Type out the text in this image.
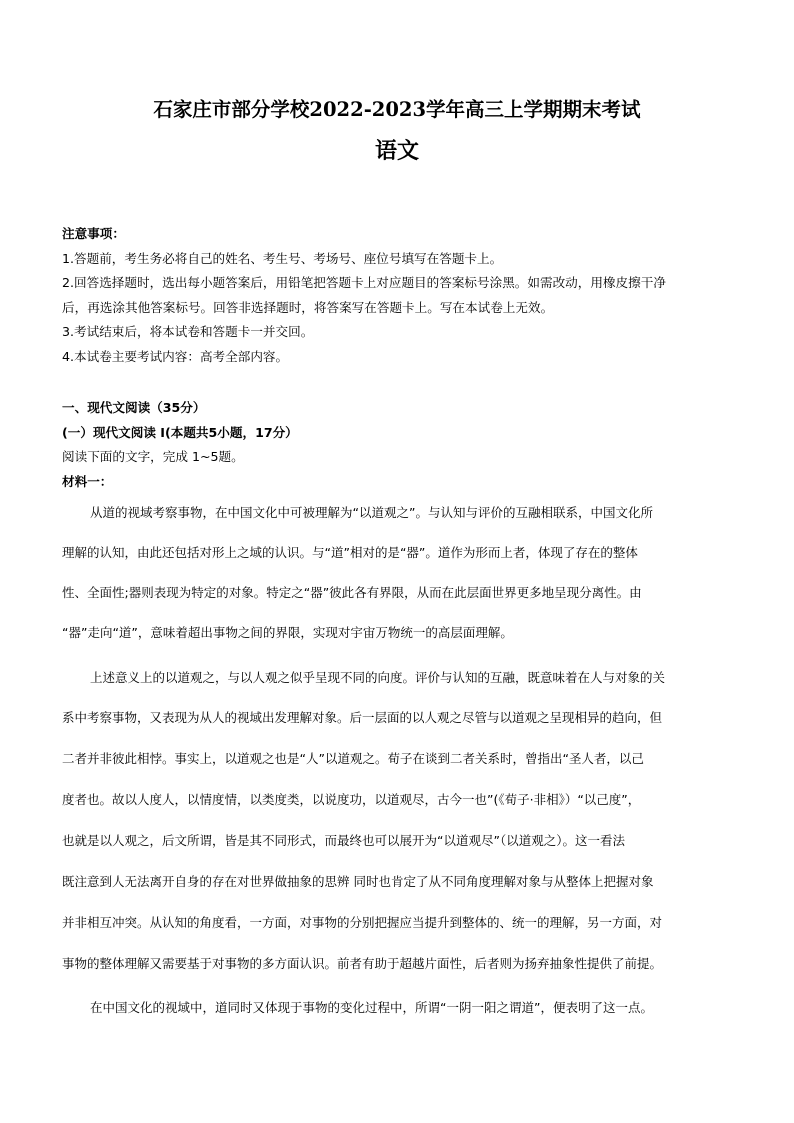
石家庄市部分学校2022-2023学年高三上学期期末考试
语文
注意事项：
1.答题前，考生务必将自己的姓名、考生号、考场号、座位号填写在答题卡上。
2.回答选择题时，选出每小题答案后，用铅笔把答题卡上对应题目的答案标号涂黑。如需改动，用橡皮擦干净
后，再选涂其他答案标号。回答非选择题时，将答案写在答题卡上。写在本试卷上无效。
3.考试结束后，将本试卷和答题卡一并交回。
4.本试卷主要考试内容：高考全部内容。
一、现代文阅读（35分）
(一）现代文阅读 I(本题共5小题，17分）
阅读下面的文字，完成 1~5题。
材料一：
从道的视域考察事物，在中国文化中可被理解为“以道观之”。与认知与评价的互融相联系，中国文化所
理解的认知，由此还包括对形上之域的认识。与“道”相对的是“器”。道作为形而上者，体现了存在的整体
性、全面性;器则表现为特定的对象。特定之“器”彼此各有界限，从而在此层面世界更多地呈现分离性。由
“器”走向“道”，意味着超出事物之间的界限，实现对宇宙万物统一的高层面理解。
上述意义上的以道观之，与以人观之似乎呈现不同的向度。评价与认知的互融，既意味着在人与对象的关
系中考察事物，又表现为从人的视域出发理解对象。后一层面的以人观之尽管与以道观之呈现相异的趋向，但
二者并非彼此相悖。事实上，以道观之也是“人”以道观之。荀子在谈到二者关系时，曾指出“圣人者，以己
度者也。故以人度人，以情度情，以类度类，以说度功，以道观尽，古今一也”(《荀子·非相》）“以己度”，
也就是以人观之，后文所谓，皆是其不同形式，而最终也可以展开为“以道观尽”（以道观之）。这一看法
既注意到人无法离开自身的存在对世界做抽象的思辨 同时也肯定了从不同角度理解对象与从整体上把握对象
并非相互冲突。从认知的角度看，一方面，对事物的分别把握应当提升到整体的、统一的理解，另一方面，对
事物的整体理解又需要基于对事物的多方面认识。前者有助于超越片面性，后者则为扬弃抽象性提供了前提。
在中国文化的视域中，道同时又体现于事物的变化过程中，所谓“一阴一阳之谓道”，便表明了这一点。
